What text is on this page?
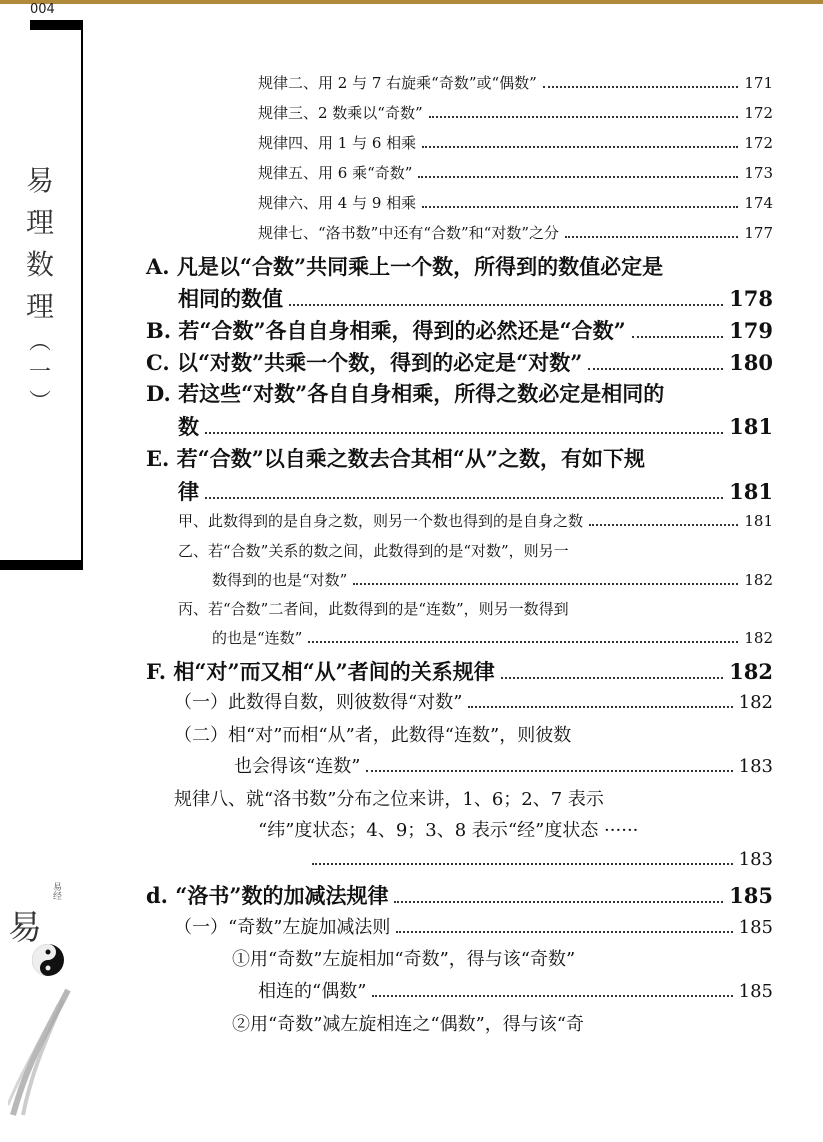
004
易
理
数
理
︵
一
︶
易
易经
规律二、用 2 与 7 右旋乘“奇数”或“偶数”	171
规律三、2 数乘以“奇数”	172
规律四、用 1 与 6 相乘	172
规律五、用 6 乘“奇数”	173
规律六、用 4 与 9 相乘	174
规律七、“洛书数”中还有“合数”和“对数”之分	177
A. 凡是以“合数”共同乘上一个数，所得到的数值必定是
相同的数值	178
B. 若“合数”各自自身相乘，得到的必然还是“合数”	179
C. 以“对数”共乘一个数，得到的必定是“对数”	180
D. 若这些“对数”各自自身相乘，所得之数必定是相同的
数	181
E. 若“合数”以自乘之数去合其相“从”之数，有如下规
律	181
甲、此数得到的是自身之数，则另一个数也得到的是自身之数	181
乙、若“合数”关系的数之间，此数得到的是“对数”，则另一
数得到的也是“对数”	182
丙、若“合数”二者间，此数得到的是“连数”，则另一数得到
的也是“连数”	182
F. 相“对”而又相“从”者间的关系规律	182
（一）此数得自数，则彼数得“对数”	182
（二）相“对”而相“从”者，此数得“连数”，则彼数
也会得该“连数”	183
规律八、就“洛书数”分布之位来讲，1、6；2、7 表示
“纬”度状态；4、9；3、8 表示“经”度状态 ······
183
d. “洛书”数的加减法规律	185
（一）“奇数”左旋加减法则	185
①用“奇数”左旋相加“奇数”，得与该“奇数”
相连的“偶数”	185
②用“奇数”减左旋相连之“偶数”，得与该“奇
